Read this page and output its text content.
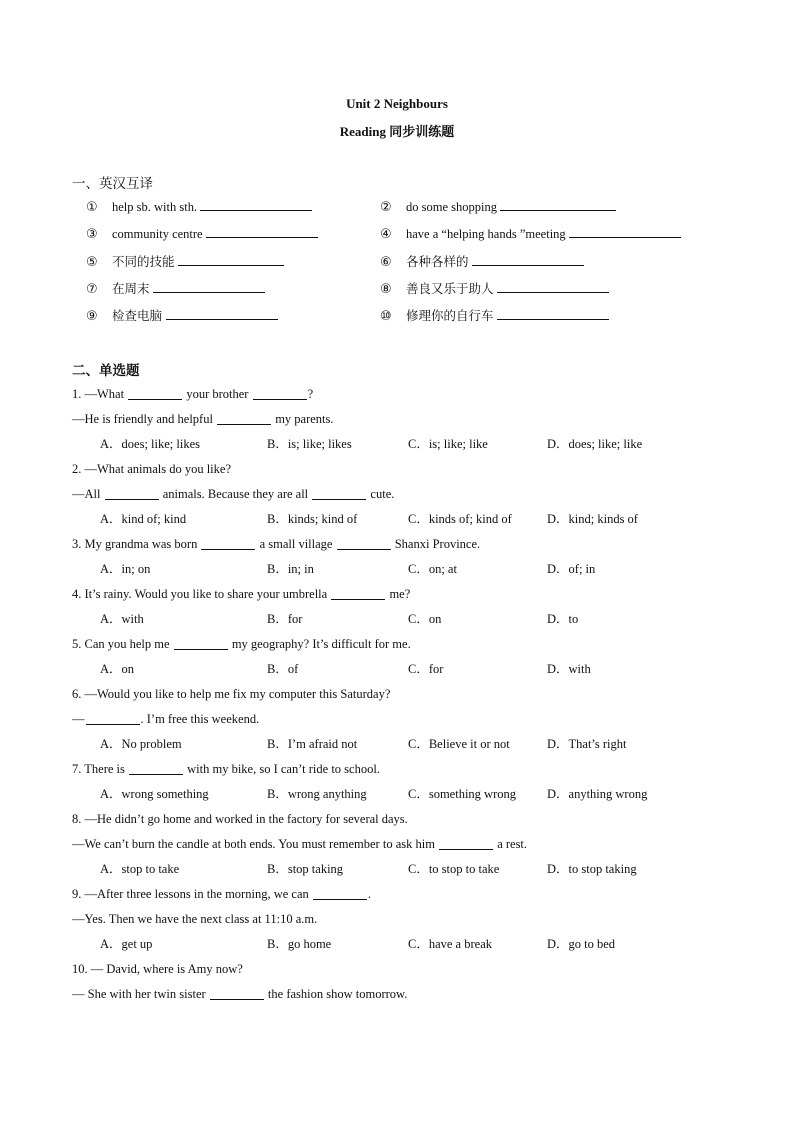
Unit 2 Neighbours
Reading 同步训练题
一、英汉互译
① help sb. with sth.	② do some shopping
③ community centre	④ have a “helping hands ”meeting
⑤ 不同的技能	⑥ 各种各样的
⑦ 在周末	⑧ 善良又乐于助人
⑨ 检查电脑	⑩ 修理你的自行车
二、单选题
1. —What	your brother	?
—He is friendly and helpful	my parents.
A．does; like; likes	B．is; like; likes	C．is; like; like	D．does; like; like
2. —What animals do you like?
—All	animals. Because they are all	cute.
A．kind of; kind	B．kinds; kind of	C．kinds of; kind of	D．kind; kinds of
3. My grandma was born	a small village	Shanxi Province.
A．in; on	B．in; in	C．on; at	D．of; in
4. It’s rainy. Would you like to share your umbrella	me?
A．with	B．for	C．on	D．to
5. Can you help me	my geography? It’s difficult for me.
A．on	B．of	C．for	D．with
6. —Would you like to help me fix my computer this Saturday?
—	. I’m free this weekend.
A．No problem	B．I’m afraid not	C．Believe it or not	D．That’s right
7. There is	with my bike, so I can’t ride to school.
A．wrong something	B．wrong anything	C．something wrong D．anything wrong
8. —He didn’t go home and worked in the factory for several days.
—We can’t burn the candle at both ends. You must remember to ask him	a rest.
A．stop to take	B．stop taking	C．to stop to take	D．to stop taking
9. —After three lessons in the morning, we can	.
—Yes. Then we have the next class at 11:10 a.m.
A．get up	B．go home	C．have a break	D．go to bed
10. — David, where is Amy now?
— She with her twin sister	the fashion show tomorrow.
